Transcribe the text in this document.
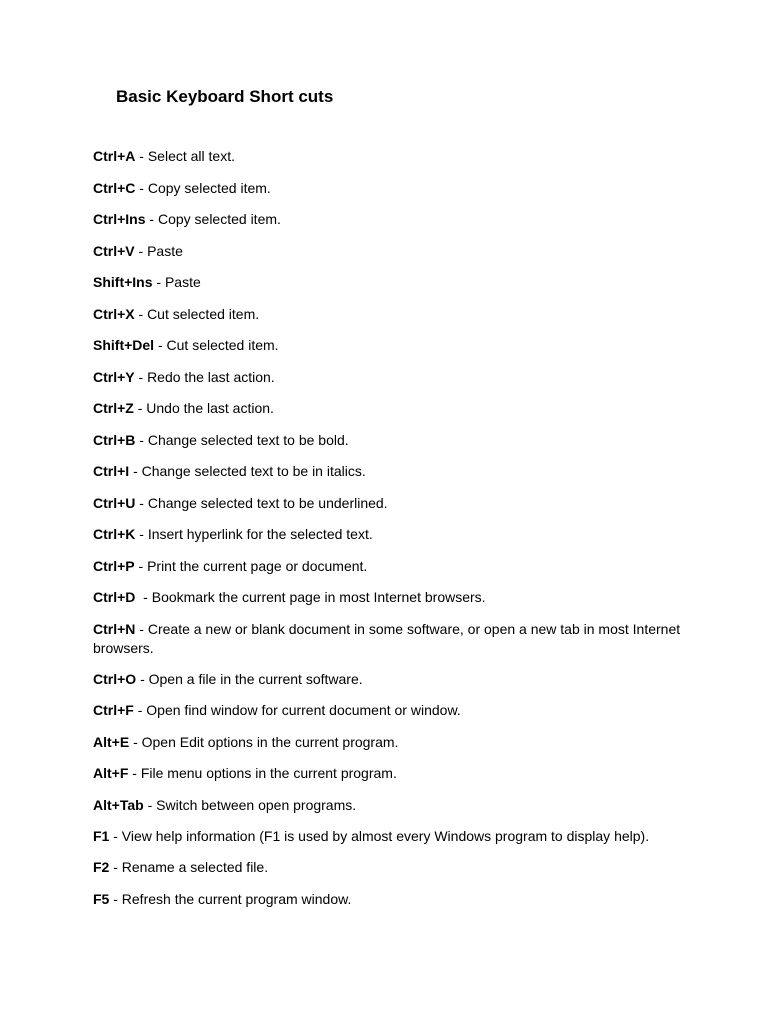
Basic Keyboard Short cuts
Ctrl+A - Select all text.
Ctrl+C - Copy selected item.
Ctrl+Ins - Copy selected item.
Ctrl+V - Paste
Shift+Ins - Paste
Ctrl+X - Cut selected item.
Shift+Del - Cut selected item.
Ctrl+Y - Redo the last action.
Ctrl+Z - Undo the last action.
Ctrl+B - Change selected text to be bold.
Ctrl+I - Change selected text to be in italics.
Ctrl+U - Change selected text to be underlined.
Ctrl+K - Insert hyperlink for the selected text.
Ctrl+P - Print the current page or document.
Ctrl+D  - Bookmark the current page in most Internet browsers.
Ctrl+N - Create a new or blank document in some software, or open a new tab in most Internet browsers.
Ctrl+O - Open a file in the current software.
Ctrl+F - Open find window for current document or window.
Alt+E - Open Edit options in the current program.
Alt+F - File menu options in the current program.
Alt+Tab - Switch between open programs.
F1 - View help information (F1 is used by almost every Windows program to display help).
F2 - Rename a selected file.
F5 - Refresh the current program window.
